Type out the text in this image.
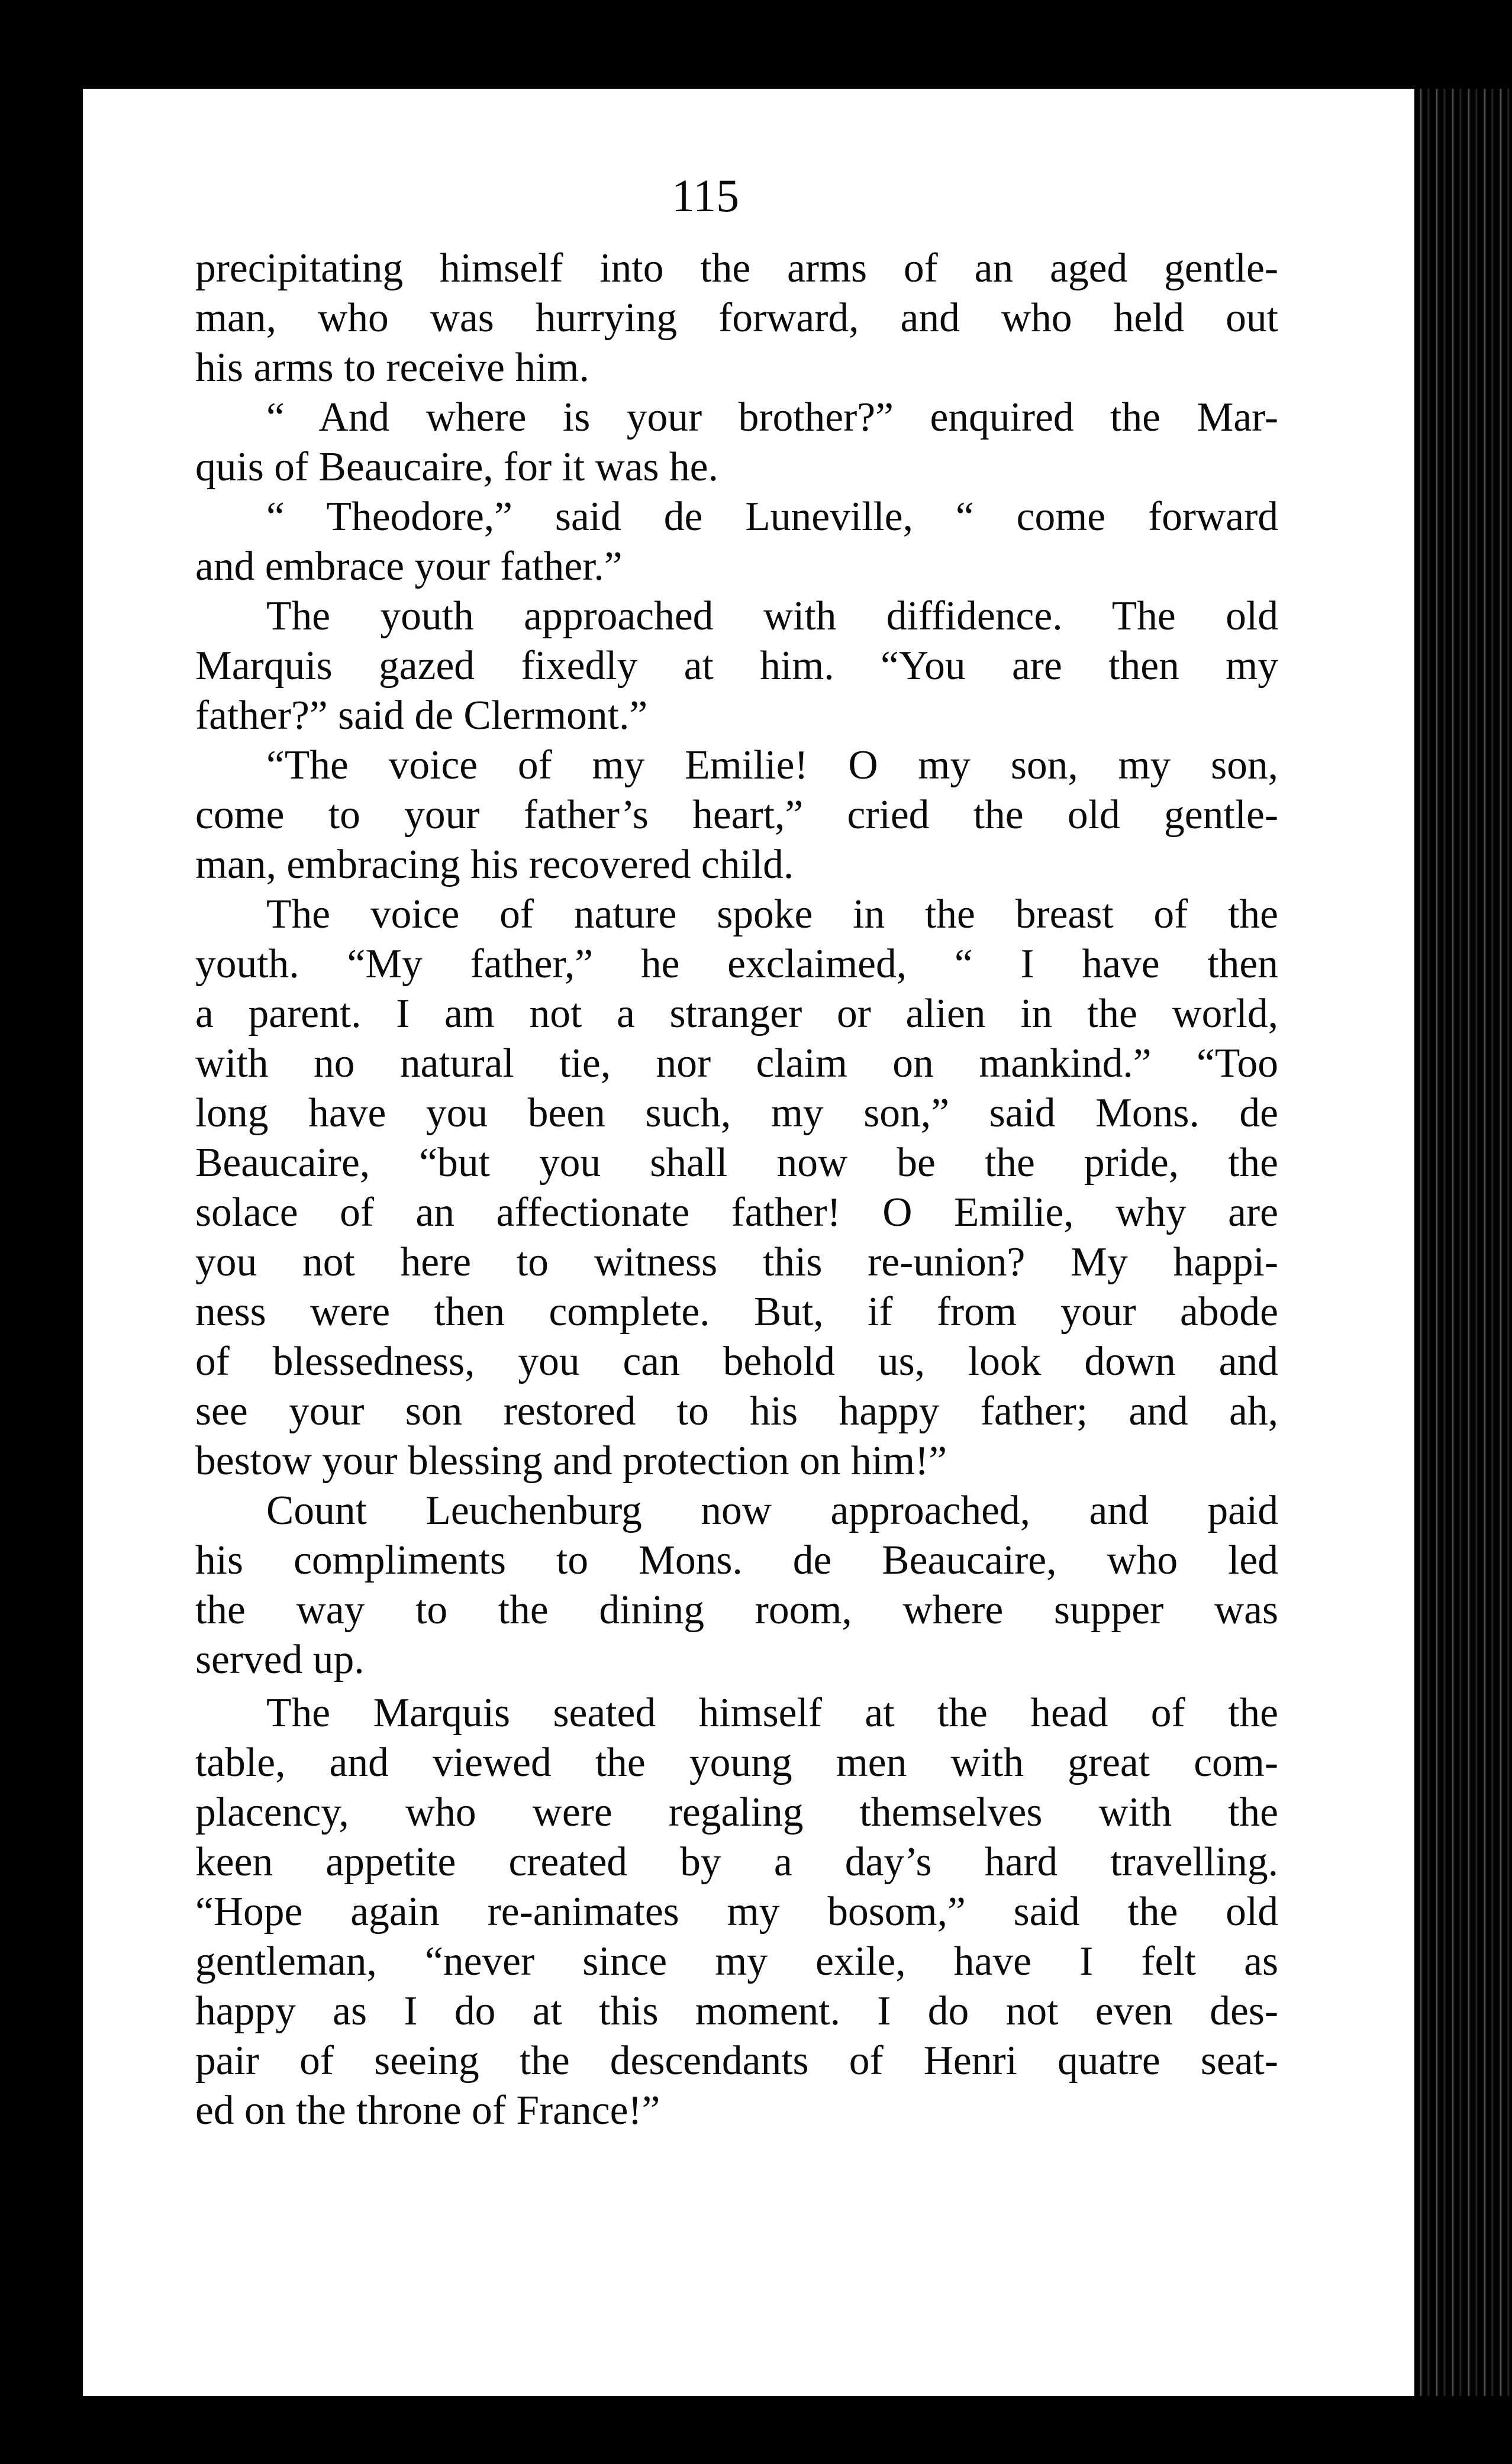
115

precipitating himself into the arms of an aged gentle-
man, who was hurrying forward, and who held out
his arms to receive him.
“ And where is your brother?” enquired the Mar-
quis of Beaucaire, for it was he.
“ Theodore,” said de Luneville, “ come forward
and embrace your father.”
The youth approached with diffidence. The old
Marquis gazed fixedly at him. “You are then my
father?” said de Clermont.”
“The voice of my Emilie! O my son, my son,
come to your father’s heart,” cried the old gentle-
man, embracing his recovered child.
The voice of nature spoke in the breast of the
youth. “My father,” he exclaimed, “ I have then
a parent. I am not a stranger or alien in the world,
with no natural tie, nor claim on mankind.” “Too
long have you been such, my son,” said Mons. de
Beaucaire, “but you shall now be the pride, the
solace of an affectionate father! O Emilie, why are
you not here to witness this re-union? My happi-
ness were then complete. But, if from your abode
of blessedness, you can behold us, look down and
see your son restored to his happy father; and ah,
bestow your blessing and protection on him!”
Count Leuchenburg now approached, and paid
his compliments to Mons. de Beaucaire, who led
the way to the dining room, where supper was
served up.
The Marquis seated himself at the head of the
table, and viewed the young men with great com-
placency, who were regaling themselves with the
keen appetite created by a day’s hard travelling.
“Hope again re-animates my bosom,” said the old
gentleman, “never since my exile, have I felt as
happy as I do at this moment. I do not even des-
pair of seeing the descendants of Henri quatre seat-
ed on the throne of France!”
